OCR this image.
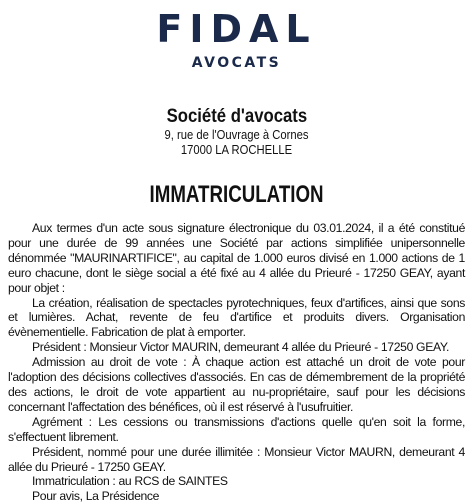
FIDAL
AVOCATS
Société d'avocats
9, rue de l'Ouvrage à Cornes
17000 LA ROCHELLE
IMMATRICULATION

Aux termes d'un acte sous signature électronique du 03.01.2024, il a été constitué pour une durée de 99 années une Société par actions simplifiée unipersonnelle dénommée "MAURINARTIFICE", au capital de 1.000 euros divisé en 1.000 actions de 1 euro chacune, dont le siège social a été fixé au 4 allée du Prieuré - 17250 GEAY, ayant pour objet :

La création, réalisation de spectacles pyrotechniques, feux d'artifices, ainsi que sons et lumières. Achat, revente de feu d'artifice et produits divers. Organisation évènementielle. Fabrication de plat à emporter.

Président : Monsieur Victor MAURIN, demeurant 4 allée du Prieuré - 17250 GEAY.

Admission au droit de vote : À chaque action est attaché un droit de vote pour l'adoption des décisions collectives d'associés. En cas de démembrement de la propriété des actions, le droit de vote appartient au nu-propriétaire, sauf pour les décisions concernant l'affectation des bénéfices, où il est réservé à l'usufruitier.

Agrément : Les cessions ou transmissions d'actions quelle qu'en soit la forme, s'effectuent librement.

Président, nommé pour une durée illimitée : Monsieur Victor MAURN, demeurant 4 allée du Prieuré - 17250 GEAY.

Immatriculation : au RCS de SAINTES

Pour avis, La Présidence
